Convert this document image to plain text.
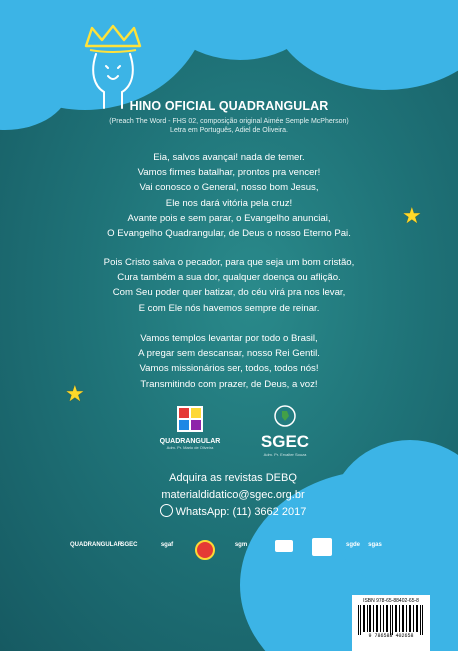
HINO OFICIAL QUADRANGULAR
(Preach The Word - FHS 02, composição original Aimée Semple McPherson)
Letra em Português, Adiel de Oliveira.
Eia, salvos avançai! nada de temer.
Vamos firmes batalhar, prontos pra vencer!
Vai conosco o General, nosso bom Jesus,
Ele nos dará vitória pela cruz!
Avante pois e sem parar, o Evangelho anunciai,
O Evangelho Quadrangular, de Deus o nosso Eterno Pai.
Pois Cristo salva o pecador, para que seja um bom cristão,
Cura também a sua dor, qualquer doença ou aflição.
Com Seu poder quer batizar, do céu virá pra nos levar,
E com Ele nós havemos sempre de reinar.
Vamos templos levantar por todo o Brasil,
A pregar sem descansar, nosso Rei Gentil.
Vamos missionários ser, todos, todos nós!
Transmitindo com prazer, de Deus, a voz!
★
★
QUADRANGULAR
Adm. Pr. Mario de Oliveira	SGEC
Adm. Pr. Ervalter Souza
Adquira as revistas DEBQ
materialdidatico@sgec.org.br
WhatsApp: (11) 3662 2017
QUADRANGULAR
SGEC	sgaf	sgm	sgde	sgas
ISBN 978-65-88402-65-8
9 786588 402658
